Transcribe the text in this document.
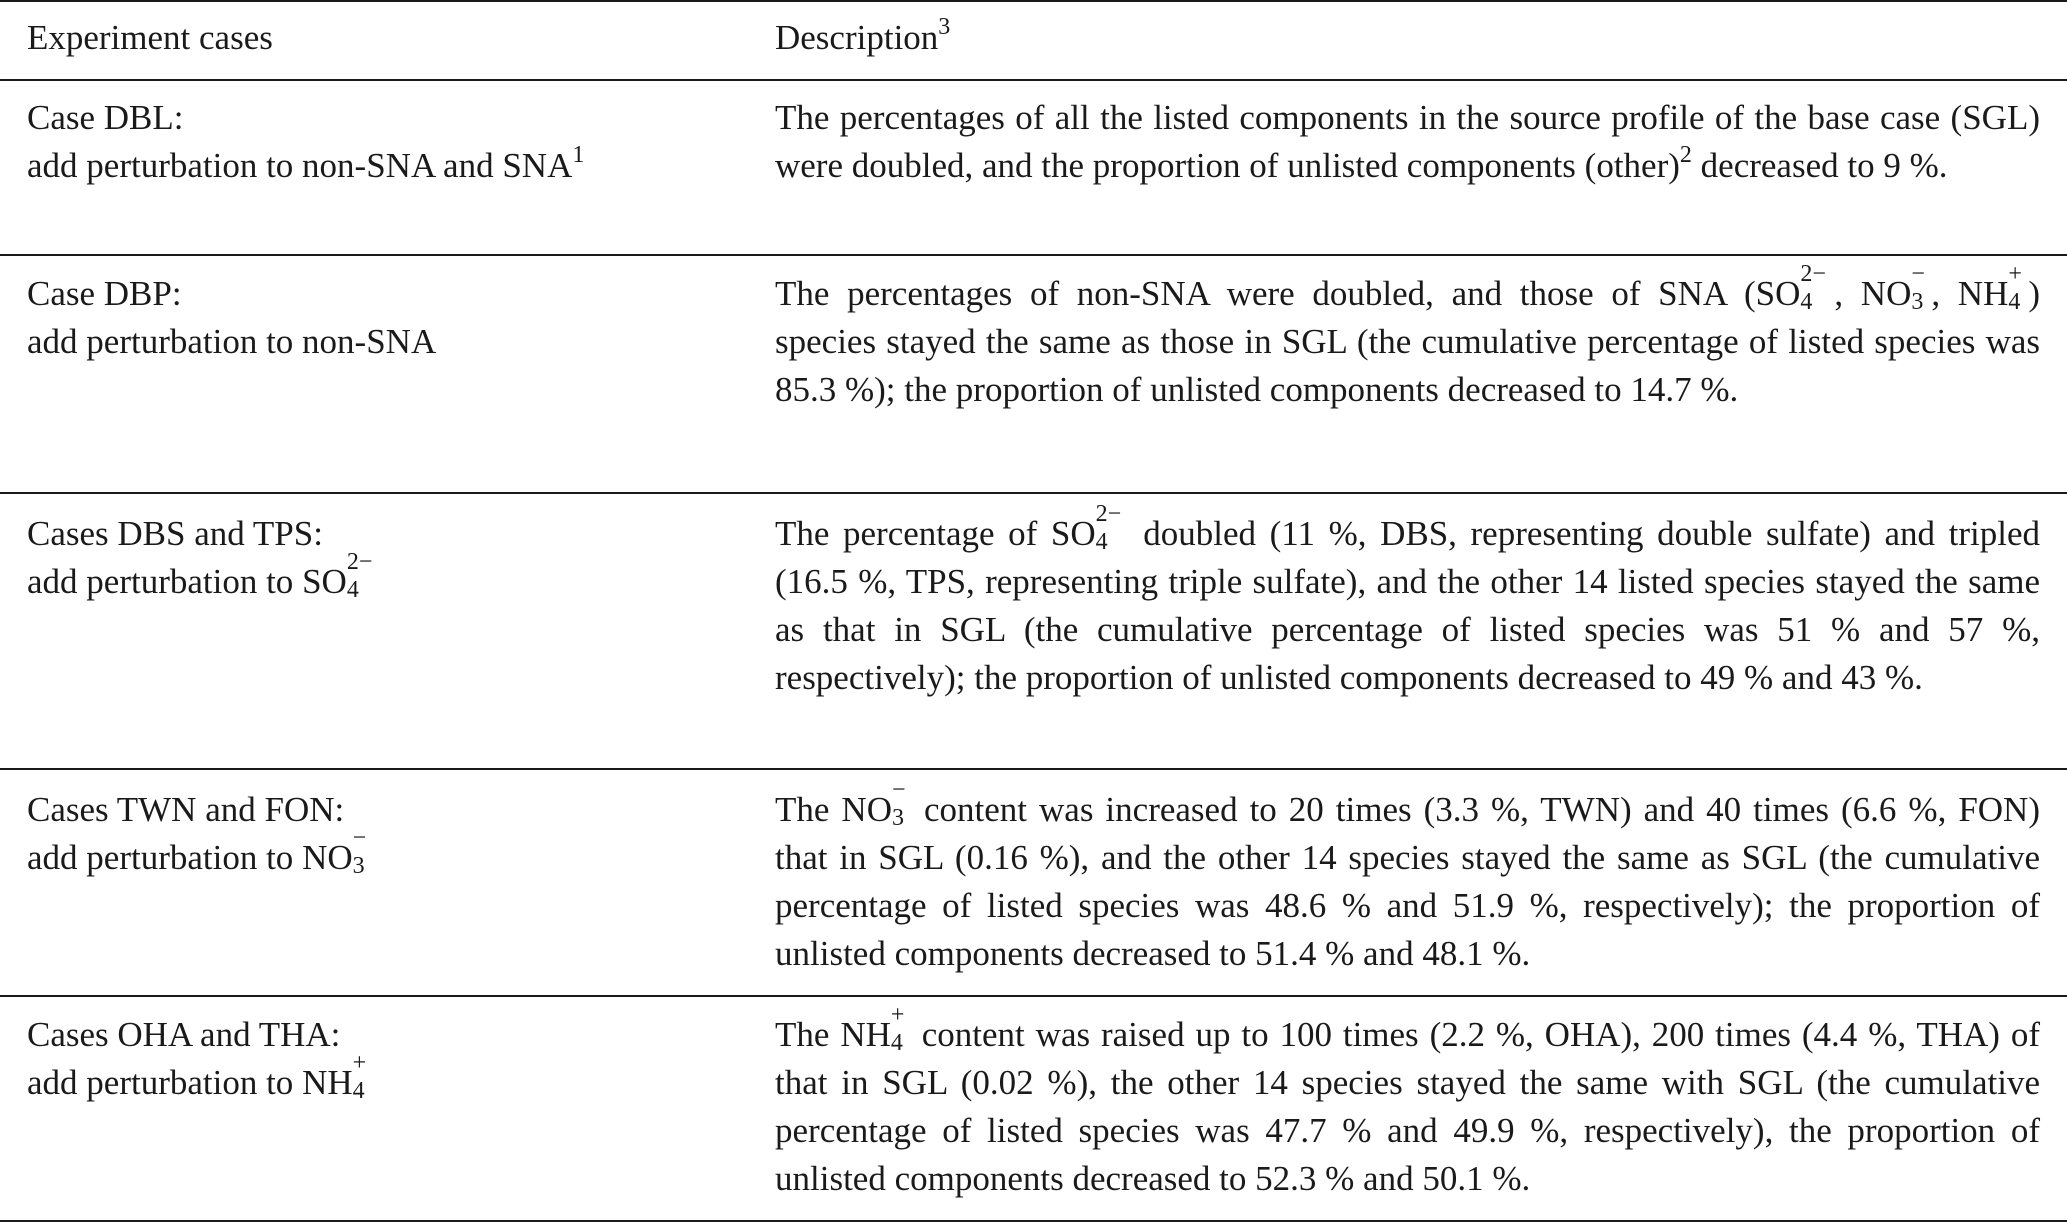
Experiment cases	Description$^3$
Case DBL:
add perturbation to non-SNA and SNA$^1$
The percentages of all the listed components in the source profile of the base case (SGL) were doubled, and the proportion of unlisted components (other)$^2$ decreased to 9 %.
Case DBP:
add perturbation to non-SNA
The percentages of non-SNA were doubled, and those of SNA (SO 2−
4 , NO −
3 , NH +
4 ) species stayed the same as those in SGL (the cumulative percentage of listed species was 85.3 %); the proportion of unlisted components decreased to 14.7 %.
Cases DBS and TPS:
add perturbation to SO 2−
4
The percentage of SO 2−
4 doubled (11 %, DBS, representing double sulfate) and tripled (16.5 %, TPS, representing triple sulfate), and the other 14 listed species stayed the same as that in SGL (the cumulative percentage of listed species was 51 % and 57 %, respectively); the proportion of unlisted components decreased to 49 % and 43 %.
Cases TWN and FON:
add perturbation to NO −
3
The NO −
3 content was increased to 20 times (3.3 %, TWN) and 40 times (6.6 %, FON) that in SGL (0.16 %), and the other 14 species stayed the same as SGL (the cumulative percentage of listed species was 48.6 % and 51.9 %, respectively); the proportion of unlisted components decreased to 51.4 % and 48.1 %.
Cases OHA and THA:
add perturbation to NH +
4
The NH +
4 content was raised up to 100 times (2.2 %, OHA), 200 times (4.4 %, THA) of that in SGL (0.02 %), the other 14 species stayed the same with SGL (the cumulative percentage of listed species was 47.7 % and 49.9 %, respectively), the proportion of unlisted components decreased to 52.3 % and 50.1 %.
